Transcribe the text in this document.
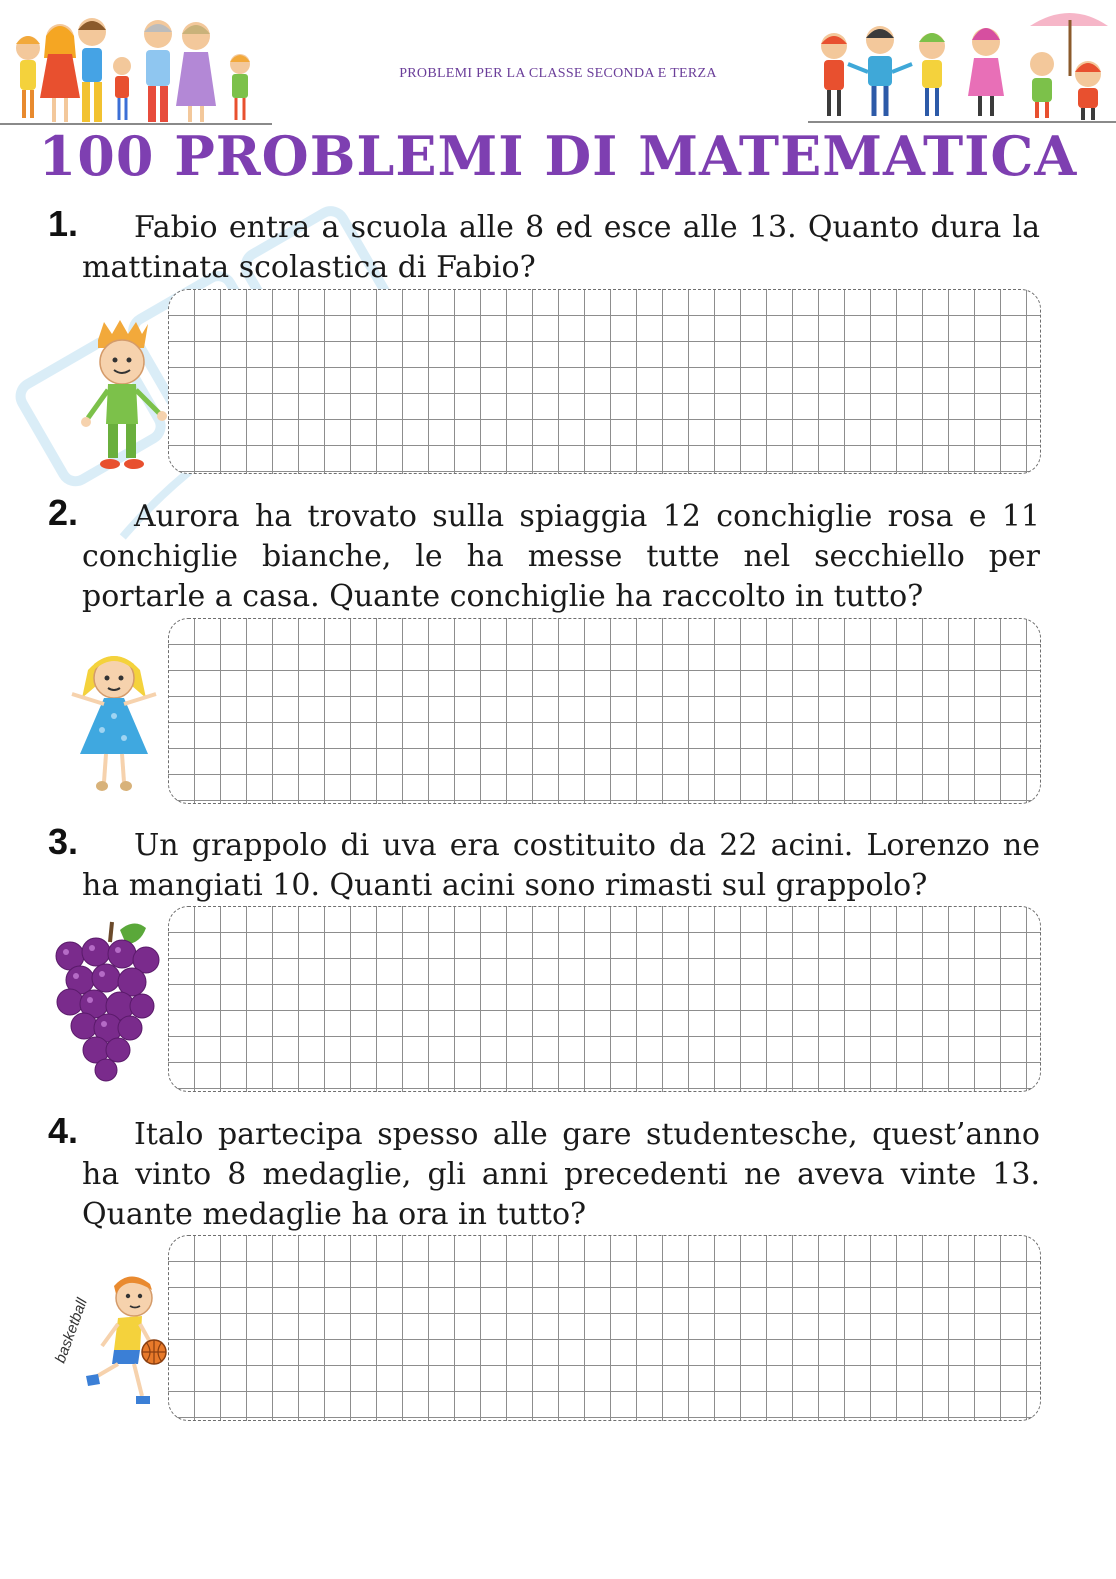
PROBLEMI PER LA CLASSE SECONDA E TERZA
100 PROBLEMI DI MATEMATICA
1.	Fabio entra a scuola alle 8 ed esce alle 13. Quanto dura la mattinata scolastica di Fabio?
2.	Aurora ha trovato sulla spiaggia 12 conchiglie rosa e 11 conchiglie bianche, le ha messe tutte nel secchiello per portarle a casa. Quante conchiglie ha raccolto in tutto?
3.	Un grappolo di uva era costituito da 22 acini. Lorenzo ne ha mangiati 10. Quanti acini sono rimasti sul grappolo?
4.	Italo partecipa spesso alle gare studentesche, quest’anno ha vinto 8 medaglie, gli anni precedenti ne aveva vinte 13. Quante medaglie ha ora in tutto?
basketball
